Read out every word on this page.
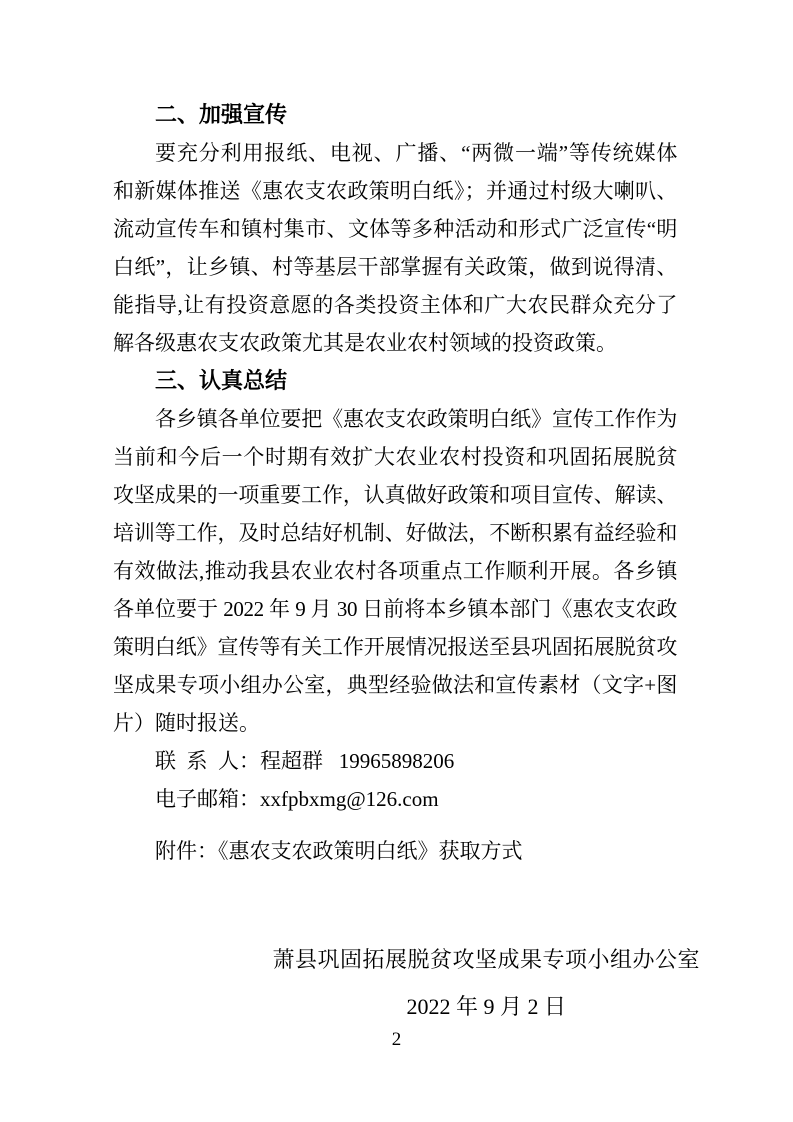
二、加强宣传
要充分利用报纸、电视、广播、“两微一端”等传统媒体
和新媒体推送《惠农支农政策明白纸》；并通过村级大喇叭、
流动宣传车和镇村集市、文体等多种活动和形式广泛宣传“明
白纸”，让乡镇、村等基层干部掌握有关政策，做到说得清、
能指导,让有投资意愿的各类投资主体和广大农民群众充分了
解各级惠农支农政策尤其是农业农村领域的投资政策。
三、认真总结
各乡镇各单位要把《惠农支农政策明白纸》宣传工作作为
当前和今后一个时期有效扩大农业农村投资和巩固拓展脱贫
攻坚成果的一项重要工作，认真做好政策和项目宣传、解读、
培训等工作，及时总结好机制、好做法，不断积累有益经验和
有效做法,推动我县农业农村各项重点工作顺利开展。各乡镇
各单位要于 2022 年 9 月 30 日前将本乡镇本部门《惠农支农政
策明白纸》宣传等有关工作开展情况报送至县巩固拓展脱贫攻
坚成果专项小组办公室，典型经验做法和宣传素材（文字+图
片）随时报送。
联  系  人：程超群   19965898206
电子邮箱：xxfpbxmg@126.com
附件：《惠农支农政策明白纸》获取方式
萧县巩固拓展脱贫攻坚成果专项小组办公室
2022 年 9 月 2 日
2
